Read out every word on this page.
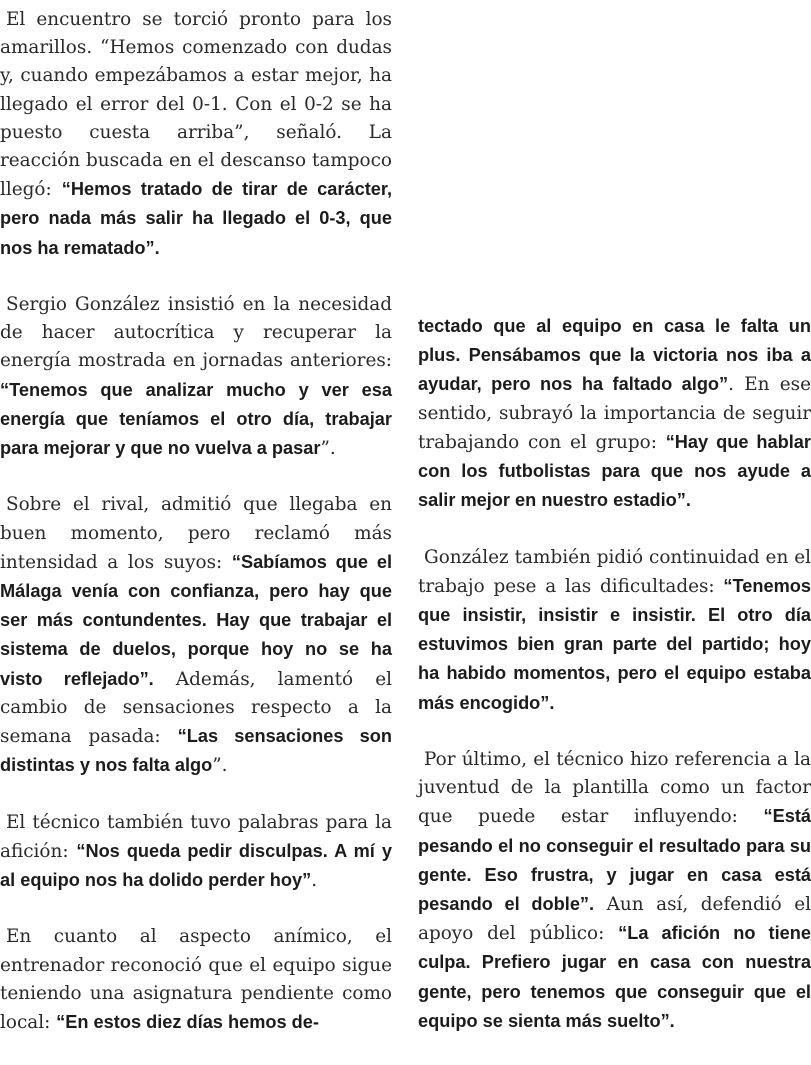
El encuentro se torció pronto para los amarillos. “Hemos comenzado con dudas y, cuando empezábamos a estar mejor, ha llegado el error del 0-1. Con el 0-2 se ha puesto cuesta arriba”, señaló. La reacción buscada en el descanso tampoco llegó: “Hemos tratado de tirar de carácter, pero nada más salir ha llegado el 0-3, que nos ha rematado”.

Sergio González insistió en la necesidad de hacer autocrítica y recuperar la energía mostrada en jornadas anteriores: “Tenemos que analizar mucho y ver esa energía que teníamos el otro día, trabajar para mejorar y que no vuelva a pasar”.

Sobre el rival, admitió que llegaba en buen momento, pero reclamó más intensidad a los suyos: “Sabíamos que el Málaga venía con confianza, pero hay que ser más contundentes. Hay que trabajar el sistema de duelos, porque hoy no se ha visto reflejado”. Además, lamentó el cambio de sensaciones respecto a la semana pasada: “Las sensaciones son distintas y nos falta algo”.

El técnico también tuvo palabras para la afición: “Nos queda pedir disculpas. A mí y al equipo nos ha dolido perder hoy”.

En cuanto al aspecto anímico, el entrenador reconoció que el equipo sigue teniendo una asignatura pendiente como local: “En estos diez días hemos de-

tectado que al equipo en casa le falta un plus. Pensábamos que la victoria nos iba a ayudar, pero nos ha faltado algo”. En ese sentido, subrayó la importancia de seguir trabajando con el grupo: “Hay que hablar con los futbolistas para que nos ayude a salir mejor en nuestro estadio”.

González también pidió continuidad en el trabajo pese a las dificultades: “Tenemos que insistir, insistir e insistir. El otro día estuvimos bien gran parte del partido; hoy ha habido momentos, pero el equipo estaba más encogido”.

Por último, el técnico hizo referencia a la juventud de la plantilla como un factor que puede estar influyendo: “Está pesando el no conseguir el resultado para su gente. Eso frustra, y jugar en casa está pesando el doble”. Aun así, defendió el apoyo del público: “La afición no tiene culpa. Prefiero jugar en casa con nuestra gente, pero tenemos que conseguir que el equipo se sienta más suelto”.
